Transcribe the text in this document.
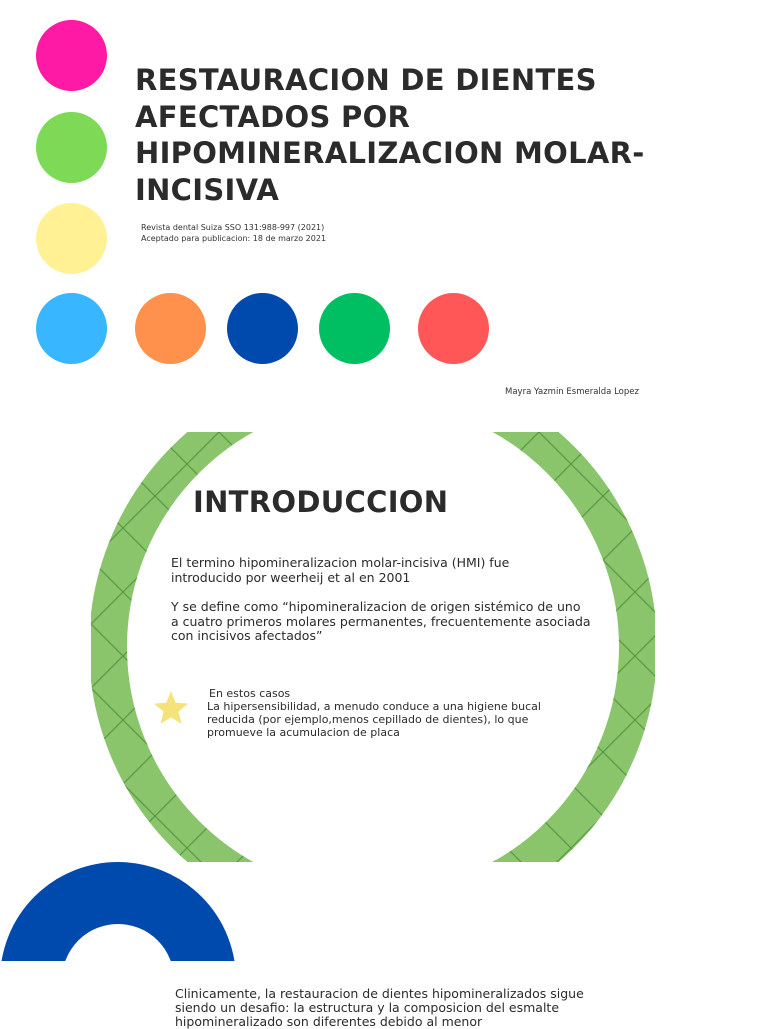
RESTAURACION DE DIENTES AFECTADOS POR HIPOMINERALIZACION MOLAR-INCISIVA
Revista dental Suiza SSO 131:988-997 (2021)
Aceptado para publicacion: 18 de marzo 2021
Mayra Yazmin Esmeralda Lopez
INTRODUCCION

El termino hipomineralizacion molar-incisiva (HMI) fue introducido por weerheij et al en 2001

Y se define como “hipomineralizacion de origen sistémico de uno a cuatro primeros molares permanentes, frecuentemente asociada con incisivos afectados”

En estos casos
La hipersensibilidad, a menudo conduce a una higiene bucal reducida (por ejemplo,menos cepillado de dientes), lo que promueve la acumulacion de placa

Clinicamente, la restauracion de dientes hipomineralizados sigue siendo un desafio: la estructura y la composicion del esmalte hipomineralizado son diferentes debido al menor
